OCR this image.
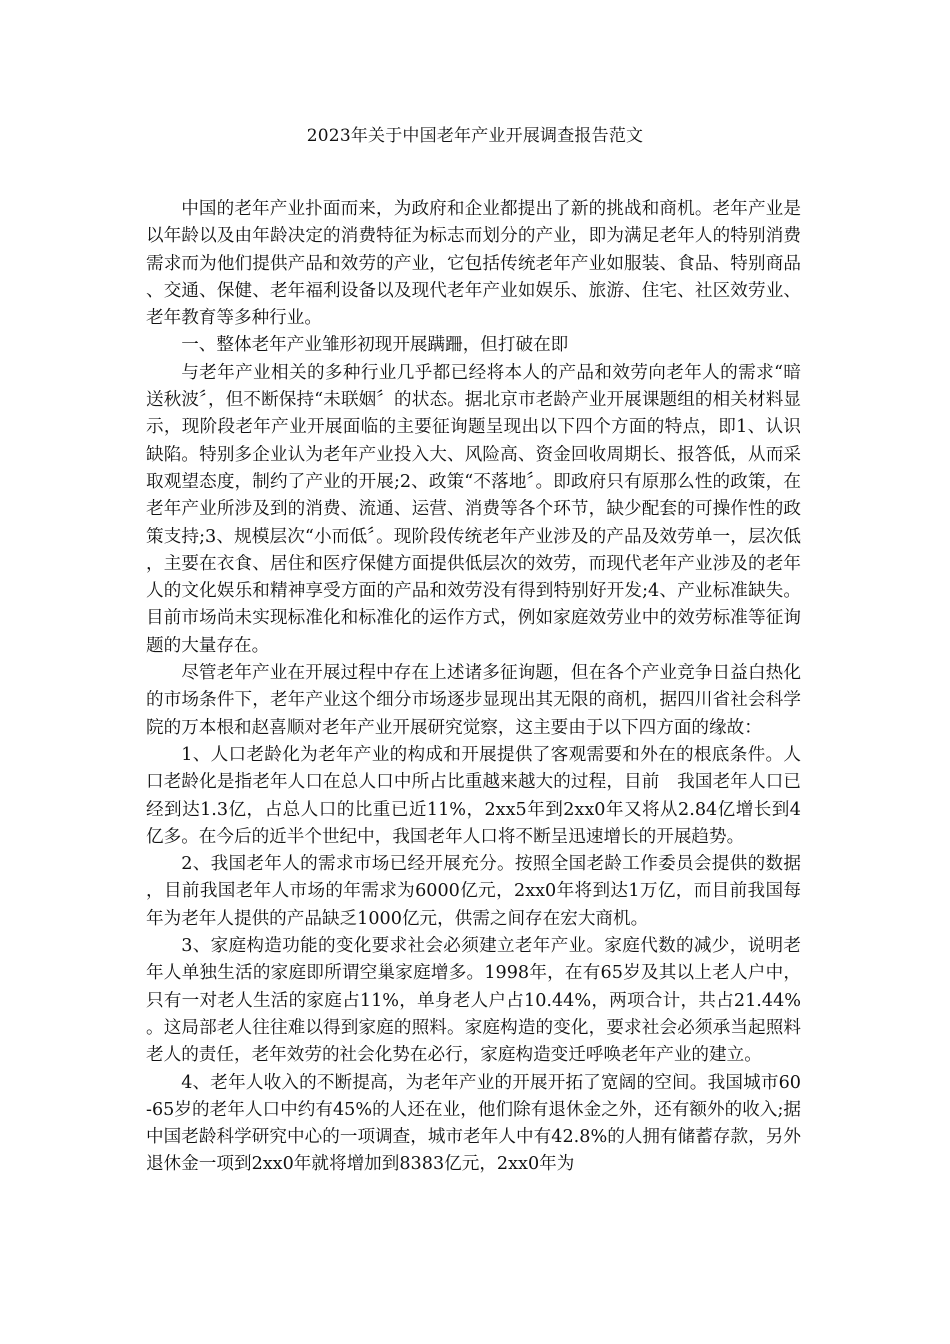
2023年关于中国老年产业开展调查报告范文

中国的老年产业扑面而来，为政府和企业都提出了新的挑战和商机。老年产业是以年龄以及由年龄决定的消费特征为标志而划分的产业，即为满足老年人的特别消费需求而为他们提供产品和效劳的产业，它包括传统老年产业如服装、食品、特别商品、交通、保健、老年福利设备以及现代老年产业如娱乐、旅游、住宅、社区效劳业、老年教育等多种行业。

一、整体老年产业雏形初现开展蹒跚，但打破在即

与老年产业相关的多种行业几乎都已经将本人的产品和效劳向老年人的需求“暗送秋波〞，但不断保持“未联姻〞的状态。据北京市老龄产业开展课题组的相关材料显示，现阶段老年产业开展面临的主要征询题呈现出以下四个方面的特点，即1、认识缺陷。特别多企业认为老年产业投入大、风险高、资金回收周期长、报答低，从而采取观望态度，制约了产业的开展;2、政策“不落地〞。即政府只有原那么性的政策，在老年产业所涉及到的消费、流通、运营、消费等各个环节，缺少配套的可操作性的政策支持;3、规模层次“小而低〞。现阶段传统老年产业涉及的产品及效劳单一，层次低，主要在衣食、居住和医疗保健方面提供低层次的效劳，而现代老年产业涉及的老年人的文化娱乐和精神享受方面的产品和效劳没有得到特别好开发;4、产业标准缺失。目前市场尚未实现标准化和标准化的运作方式，例如家庭效劳业中的效劳标准等征询题的大量存在。

尽管老年产业在开展过程中存在上述诸多征询题，但在各个产业竞争日益白热化的市场条件下，老年产业这个细分市场逐步显现出其无限的商机，据四川省社会科学院的万本根和赵喜顺对老年产业开展研究觉察，这主要由于以下四方面的缘故：

1、人口老龄化为老年产业的构成和开展提供了客观需要和外在的根底条件。人口老龄化是指老年人口在总人口中所占比重越来越大的过程，目前　我国老年人口已经到达1.3亿，占总人口的比重已近11%，2xx5年到2xx0年又将从2.84亿增长到4亿多。在今后的近半个世纪中，我国老年人口将不断呈迅速增长的开展趋势。

2、我国老年人的需求市场已经开展充分。按照全国老龄工作委员会提供的数据，目前我国老年人市场的年需求为6000亿元，2xx0年将到达1万亿，而目前我国每年为老年人提供的产品缺乏1000亿元，供需之间存在宏大商机。

3、家庭构造功能的变化要求社会必须建立老年产业。家庭代数的减少，说明老年人单独生活的家庭即所谓空巢家庭增多。1998年，在有65岁及其以上老人户中，只有一对老人生活的家庭占11%，单身老人户占10.44%，两项合计，共占21.44%。这局部老人往往难以得到家庭的照料。家庭构造的变化，要求社会必须承当起照料老人的责任，老年效劳的社会化势在必行，家庭构造变迁呼唤老年产业的建立。

4、老年人收入的不断提高，为老年产业的开展开拓了宽阔的空间。我国城市60-65岁的老年人口中约有45%的人还在业，他们除有退休金之外，还有额外的收入;据中国老龄科学研究中心的一项调查，城市老年人中有42.8%的人拥有储蓄存款，另外退休金一项到2xx0年就将增加到8383亿元，2xx0年为
